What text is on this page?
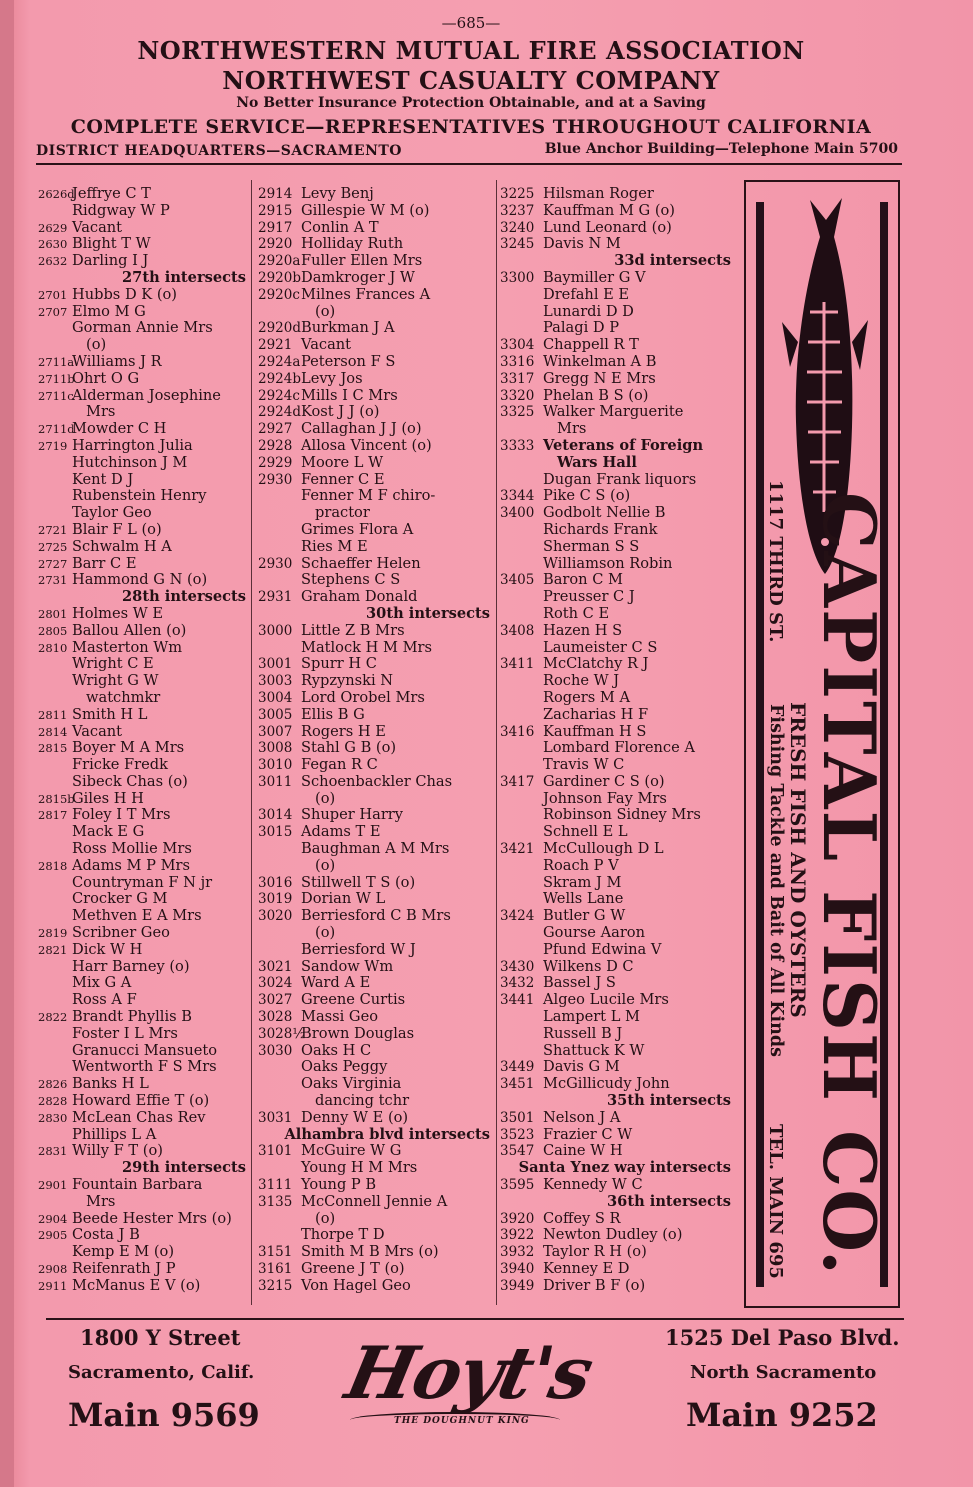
—685—
NORTHWESTERN MUTUAL FIRE ASSOCIATION
NORTHWEST CASUALTY COMPANY
No Better Insurance Protection Obtainable, and at a Saving
COMPLETE SERVICE—REPRESENTATIVES THROUGHOUT CALIFORNIA
DISTRICT HEADQUARTERS—SACRAMENTO	Blue Anchor Building—Telephone Main 5700
2626dJeffrye C T
Ridgway W P
2629 Vacant
2630 Blight T W
2632 Darling I J
27th intersects
2701 Hubbs D K (o)
2707 Elmo M G
Gorman Annie Mrs
(o)
2711aWilliams J R
2711bOhrt O G
2711cAlderman Josephine
Mrs
2711dMowder C H
2719 Harrington Julia
Hutchinson J M
Kent D J
Rubenstein Henry
Taylor Geo
2721 Blair F L (o)
2725 Schwalm H A
2727 Barr C E
2731 Hammond G N (o)
28th intersects
2801 Holmes W E
2805 Ballou Allen (o)
2810 Masterton Wm
Wright C E
Wright G W
watchmkr
2811 Smith H L
2814 Vacant
2815 Boyer M A Mrs
Fricke Fredk
Sibeck Chas (o)
2815bGiles H H
2817 Foley I T Mrs
Mack E G
Ross Mollie Mrs
2818 Adams M P Mrs
Countryman F N jr
Crocker G M
Methven E A Mrs
2819 Scribner Geo
2821 Dick W H
Harr Barney (o)
Mix G A
Ross A F
2822 Brandt Phyllis B
Foster I L Mrs
Granucci Mansueto
Wentworth F S Mrs
2826 Banks H L
2828 Howard Effie T (o)
2830 McLean Chas Rev
Phillips L A
2831 Willy F T (o)
29th intersects
2901 Fountain Barbara
Mrs
2904 Beede Hester Mrs (o)
2905 Costa J B
Kemp E M (o)
2908 Reifenrath J P
2911 McManus E V (o)
2914 Levy Benj
2915 Gillespie W M (o)
2917 Conlin A T
2920 Holliday Ruth
2920aFuller Ellen Mrs
2920bDamkroger J W
2920cMilnes Frances A
(o)
2920dBurkman J A
2921 Vacant
2924aPeterson F S
2924bLevy Jos
2924cMills I C Mrs
2924dKost J J (o)
2927 Callaghan J J (o)
2928 Allosa Vincent (o)
2929 Moore L W
2930 Fenner C E
Fenner M F chiro-
practor
Grimes Flora A
Ries M E
2930 Schaeffer Helen
Stephens C S
2931 Graham Donald
30th intersects
3000 Little Z B Mrs
Matlock H M Mrs
3001 Spurr H C
3003 Rypzynski N
3004 Lord Orobel Mrs
3005 Ellis B G
3007 Rogers H E
3008 Stahl G B (o)
3010 Fegan R C
3011 Schoenbackler Chas
(o)
3014 Shuper Harry
3015 Adams T E
Baughman A M Mrs
(o)
3016 Stillwell T S (o)
3019 Dorian W L
3020 Berriesford C B Mrs
(o)
Berriesford W J
3021 Sandow Wm
3024 Ward A E
3027 Greene Curtis
3028 Massi Geo
3028½Brown Douglas
3030 Oaks H C
Oaks Peggy
Oaks Virginia
dancing tchr
3031 Denny W E (o)
Alhambra blvd intersects
3101 McGuire W G
Young H M Mrs
3111 Young P B
3135 McConnell Jennie A
(o)
Thorpe T D
3151 Smith M B Mrs (o)
3161 Greene J T (o)
3215 Von Hagel Geo
3225 Hilsman Roger
3237 Kauffman M G (o)
3240 Lund Leonard (o)
3245 Davis N M
33d intersects
3300 Baymiller G V
Drefahl E E
Lunardi D D
Palagi D P
3304 Chappell R T
3316 Winkelman A B
3317 Gregg N E Mrs
3320 Phelan B S (o)
3325 Walker Marguerite
Mrs
3333 Veterans of Foreign
Wars Hall
Dugan Frank liquors
3344 Pike C S (o)
3400 Godbolt Nellie B
Richards Frank
Sherman S S
Williamson Robin
3405 Baron C M
Preusser C J
Roth C E
3408 Hazen H S
Laumeister C S
3411 McClatchy R J
Roche W J
Rogers M A
Zacharias H F
3416 Kauffman H S
Lombard Florence A
Travis W C
3417 Gardiner C S (o)
Johnson Fay Mrs
Robinson Sidney Mrs
Schnell E L
3421 McCullough D L
Roach P V
Skram J M
Wells Lane
3424 Butler G W
Gourse Aaron
Pfund Edwina V
3430 Wilkens D C
3432 Bassel J S
3441 Algeo Lucile Mrs
Lampert L M
Russell B J
Shattuck K W
3449 Davis G M
3451 McGillicudy John
35th intersects
3501 Nelson J A
3523 Frazier C W
3547 Caine W H
Santa Ynez way intersects
3595 Kennedy W C
36th intersects
3920 Coffey S R
3922 Newton Dudley (o)
3932 Taylor R H (o)
3940 Kenney E D
3949 Driver B F (o)
CAPITAL FISH CO.
FRESH FISH AND OYSTERS
1117 THIRD ST.
Fishing Tackle and Bait of All Kinds
TEL. MAIN 695
1800 Y Street
Sacramento, Calif.
Main 9569 Hoyt's
THE DOUGHNUT KING
1525 Del Paso Blvd.
North Sacramento
Main 9252
